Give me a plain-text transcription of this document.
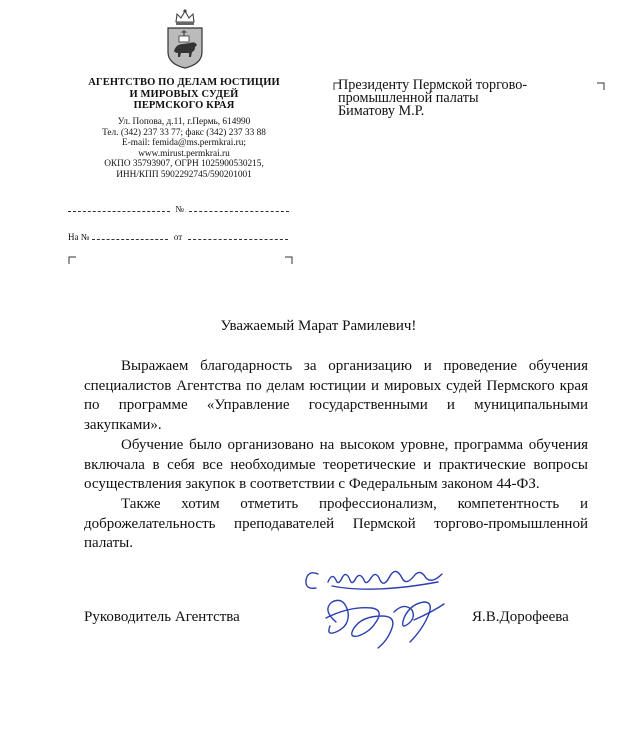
АГЕНТСТВО ПО ДЕЛАМ ЮСТИЦИИ
И МИРОВЫХ СУДЕЙ
ПЕРМСКОГО КРАЯ
Ул. Попова, д.11, г.Пермь, 614990
Тел. (342) 237 33 77; факс (342) 237 33 88
E-mail: femida@ms.permkrai.ru;
www.mirust.permkrai.ru
ОКПО 35793907, ОГРН 1025900530215,
ИНН/КПП 5902292745/590201001
№
На №	от
Президенту Пермской торгово-
промышленной палаты
Биматову М.Р.
Уважаемый Марат Рамилевич!

Выражаем благодарность за организацию и проведение обучения специалистов Агентства по делам юстиции и мировых судей Пермского края по программе «Управление государственными и муниципальными закупками».

Обучение было организовано на высоком уровне, программа обучения включала в себя все необходимые теоретические и практические вопросы осуществления закупок в соответствии с Федеральным законом 44-ФЗ.

Также хотим отметить профессионализм, компетентность и доброжелательность преподавателей Пермской торгово-промышленной палаты.

Руководитель Агентства	Я.В.Дорофеева
